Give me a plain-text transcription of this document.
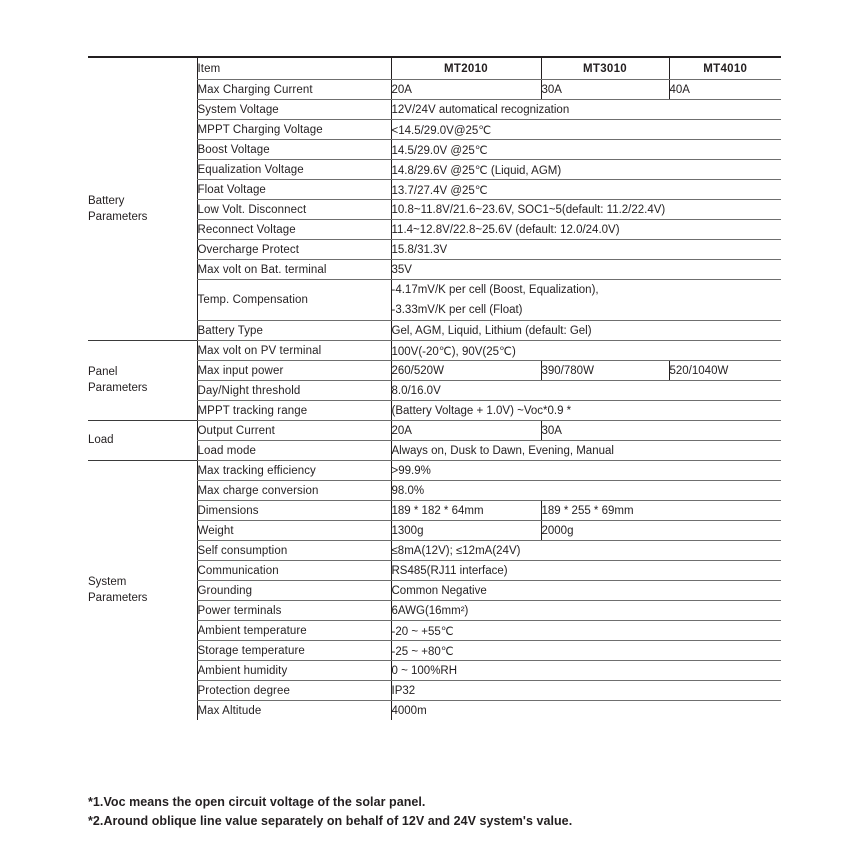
	Item	MT2010	MT3010	MT4010

Battery
Parameters	Max Charging Current	20A	30A	40A
	System Voltage	12V/24V automatical recognization		
	MPPT Charging Voltage	<14.5/29.0V@25℃		
	Boost Voltage	14.5/29.0V @25℃		
	Equalization Voltage	14.8/29.6V @25℃ (Liquid, AGM)		
	Float Voltage	13.7/27.4V @25℃		
	Low Volt. Disconnect	10.8~11.8V/21.6~23.6V, SOC1~5(default: 11.2/22.4V)		
	Reconnect Voltage	11.4~12.8V/22.8~25.6V (default: 12.0/24.0V)		
	Overcharge Protect	15.8/31.3V		
	Max volt on Bat. terminal	35V		
	Temp. Compensation	-4.17mV/K per cell (Boost, Equalization),
-3.33mV/K per cell (Float)		

	Battery Type	Gel, AGM, Liquid, Lithium (default: Gel)		

Panel
Parameters	Max volt on PV terminal	100V(-20℃), 90V(25℃)		
	Max input power	260/520W	390/780W	520/1040W
	Day/Night threshold	8.0/16.0V		
	MPPT tracking range	(Battery Voltage + 1.0V) ~Voc*0.9 *		

Load	Output Current	20A	30A	
	Load mode	Always on, Dusk to Dawn, Evening, Manual		

System
Parameters	Max tracking efficiency	>99.9%		
	Max charge conversion	98.0%		
	Dimensions	189 * 182 * 64mm	189 * 255 * 69mm	
	Weight	1300g	2000g	
	Self consumption	≤8mA(12V); ≤12mA(24V)		
	Communication	RS485(RJ11 interface)		
	Grounding	Common Negative		
	Power terminals	6AWG(16mm²)		
	Ambient temperature	-20 ~ +55℃		
	Storage temperature	-25 ~ +80℃		
	Ambient humidity	0 ~ 100%RH		
	Protection degree	IP32		
	Max Altitude	4000m		
*1.Voc means the open circuit voltage of the solar panel.
*2.Around oblique line value separately on behalf of 12V and 24V system's value.
